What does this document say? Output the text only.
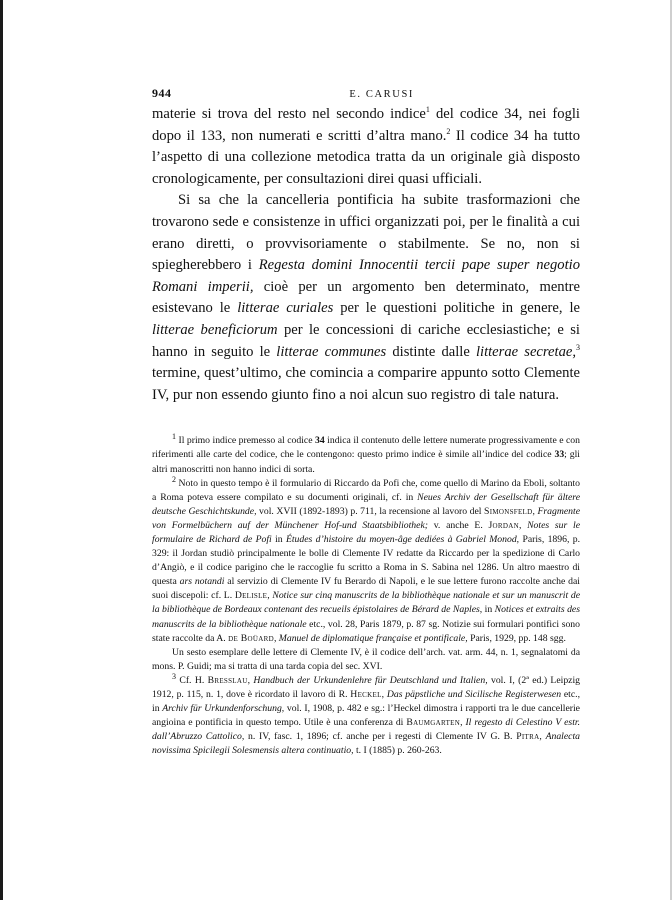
944	E. CARUSI

materie si trova del resto nel secondo indice$^1$ del codice 34, nei fogli dopo il 133, non numerati e scritti d’altra mano.$^2$ Il codice 34 ha tutto l’aspetto di una collezione metodica tratta da un originale già disposto cronologicamente, per consultazioni direi quasi ufficiali.

Si sa che la cancelleria pontificia ha subite trasformazioni che trovarono sede e consistenze in uffici organizzati poi, per le finalità a cui erano diretti, o provvisoriamente o stabilmente. Se no, non si spiegherebbero i Regesta domini Innocentii tercii pape super negotio Romani imperii, cioè per un argomento ben determinato, mentre esistevano le litterae curiales per le questioni politiche in genere, le litterae beneficiorum per le concessioni di cariche ecclesiastiche; e si hanno in seguito le litterae communes distinte dalle litterae secretae,$^3$ termine, quest’ultimo, che comincia a comparire appunto sotto Clemente IV, pur non essendo giunto fino a noi alcun suo registro di tale natura.

$^1$ Il primo indice premesso al codice 34 indica il contenuto delle lettere numerate progressivamente e con riferimenti alle carte del codice, che le contengono: questo primo indice è simile all’indice del codice 33; gli altri manoscritti non hanno indici di sorta.

$^2$ Noto in questo tempo è il formulario di Riccardo da Pofi che, come quello di Marino da Eboli, soltanto a Roma poteva essere compilato e su documenti originali, cf. in Neues Archiv der Gesellschaft für ältere deutsche Geschichtskunde, vol. XVII (1892-1893) p. 711, la recensione al lavoro del Simonsfeld, Fragmente von Formelbüchern auf der Münchener Hof-und Staatsbibliothek; v. anche E. Jordan, Notes sur le formulaire de Richard de Pofi in Études d’histoire du moyen-âge dediées à Gabriel Monod, Paris, 1896, p. 329: il Jordan studiò principalmente le bolle di Clemente IV redatte da Riccardo per la spedizione di Carlo d’Angiò, e il codice parigino che le raccoglie fu scritto a Roma in S. Sabina nel 1286. Un altro maestro di questa ars notandi al servizio di Clemente IV fu Berardo di Napoli, e le sue lettere furono raccolte anche dai suoi discepoli: cf. L. Delisle, Notice sur cinq manuscrits de la bibliothèque nationale et sur un manuscrit de la bibliothèque de Bordeaux contenant des recueils épistolaires de Bérard de Naples, in Notices et extraits des manuscrits de la bibliothèque nationale etc., vol. 28, Paris 1879, p. 87 sg. Notizie sui formulari pontifici sono state raccolte da A. de Boüard, Manuel de diplomatique française et pontificale, Paris, 1929, pp. 148 sgg.

Un sesto esemplare delle lettere di Clemente IV, è il codice dell’arch. vat. arm. 44, n. 1, segnalatomi da mons. P. Guidi; ma si tratta di una tarda copia del sec. XVI.

$^3$ Cf. H. Bresslau, Handbuch der Urkundenlehre für Deutschland und Italien, vol. I, (2ª ed.) Leipzig 1912, p. 115, n. 1, dove è ricordato il lavoro di R. Heckel, Das päpstliche und Sicilische Registerwesen etc., in Archiv für Urkundenforschung, vol. I, 1908, p. 482 e sg.: l’Heckel dimostra i rapporti tra le due cancellerie angioina e pontificia in questo tempo. Utile è una conferenza di Baumgarten, Il regesto di Celestino V estr. dall’Abruzzo Cattolico, n. IV, fasc. 1, 1896; cf. anche per i regesti di Clemente IV G. B. Pitra, Analecta novissima Spicilegii Solesmensis altera continuatio, t. I (1885) p. 260-263.
